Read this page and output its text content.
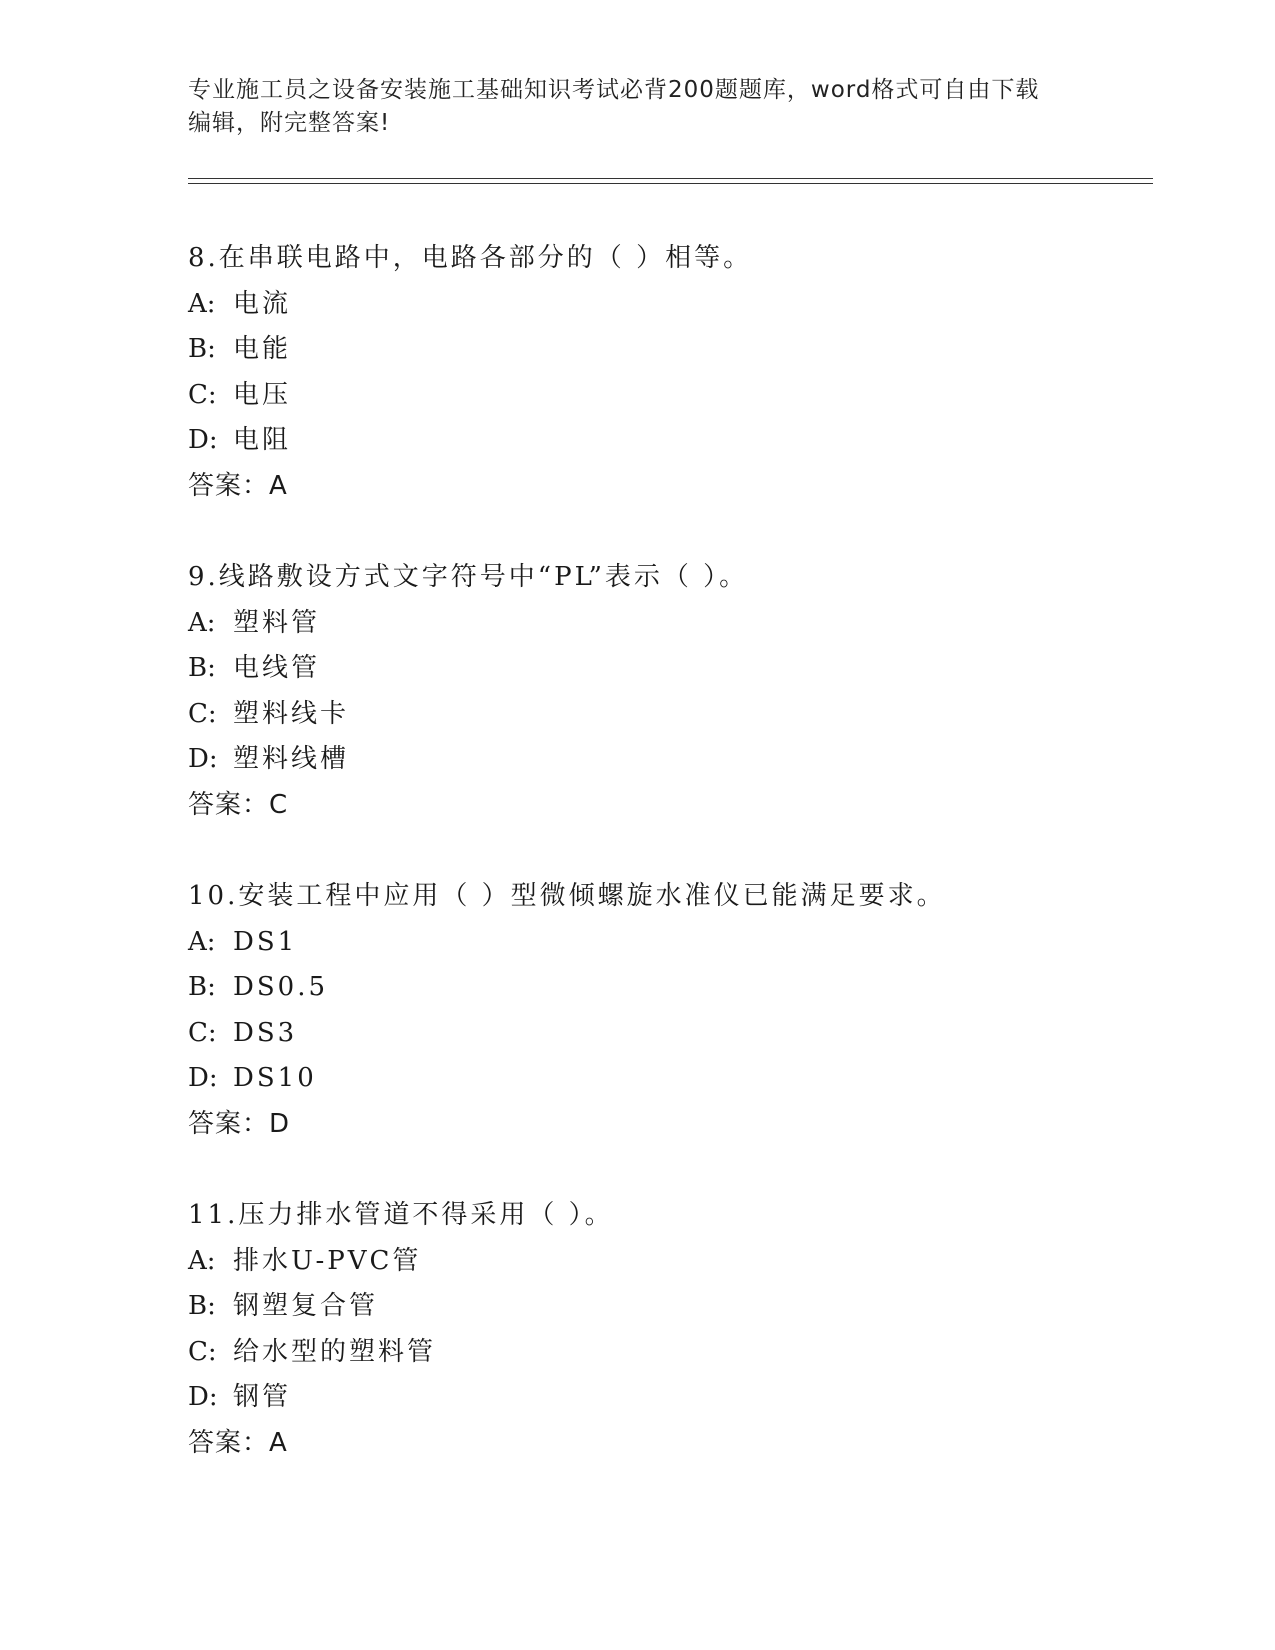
专业施工员之设备安装施工基础知识考试必背200题题库，word格式可自由下载
编辑，附完整答案!
8.在串联电路中，电路各部分的（ ）相等。
A: 电流
B: 电能
C: 电压
D: 电阻
答案：A
9.线路敷设方式文字符号中“PL”表示（ ）。
A: 塑料管
B: 电线管
C: 塑料线卡
D: 塑料线槽
答案：C
10.安装工程中应用（ ）型微倾螺旋水准仪已能满足要求。
A: DS1
B: DS0.5
C: DS3
D: DS10
答案：D
11.压力排水管道不得采用（ ）。
A: 排水U-PVC管
B: 钢塑复合管
C: 给水型的塑料管
D: 钢管
答案：A
